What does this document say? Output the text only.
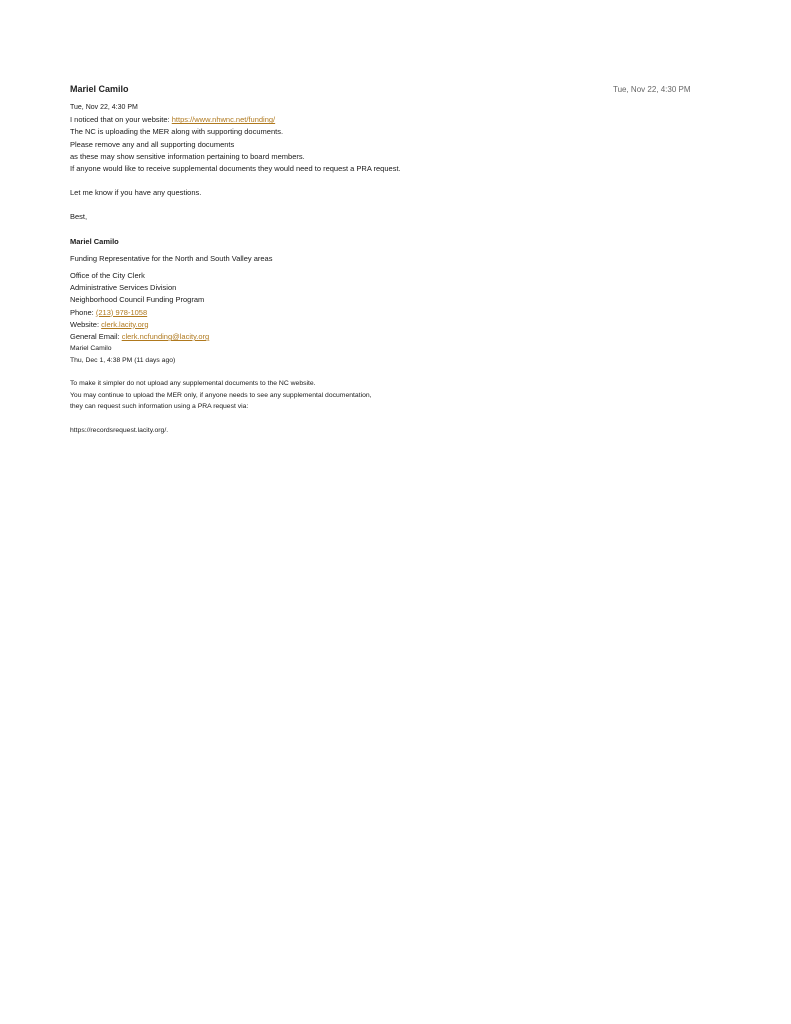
Mariel Camilo	Tue, Nov 22, 4:30 PM
Tue, Nov 22, 4:30 PM
I noticed that on your website: https://www.nhwnc.net/funding/
The NC is uploading the MER along with supporting documents.
Please remove any and all supporting documents
as these may show sensitive information pertaining to board members.
If anyone would like to receive supplemental documents they would need to request a PRA request.
Let me know if you have any questions.
Best,
Mariel Camilo
Funding Representative for the North and South Valley areas
Office of the City Clerk
Administrative Services Division
Neighborhood Council Funding Program
Phone: (213) 978-1058
Website: clerk.lacity.org
General Email: clerk.ncfunding@lacity.org
Mariel Camilo
Thu, Dec 1, 4:38 PM (11 days ago)
To make it simpler do not upload any supplemental documents to the NC website.
You may continue to upload the MER only, if anyone needs to see any supplemental documentation,
they can request such information using a PRA request via:
https://recordsrequest.lacity.org/.
